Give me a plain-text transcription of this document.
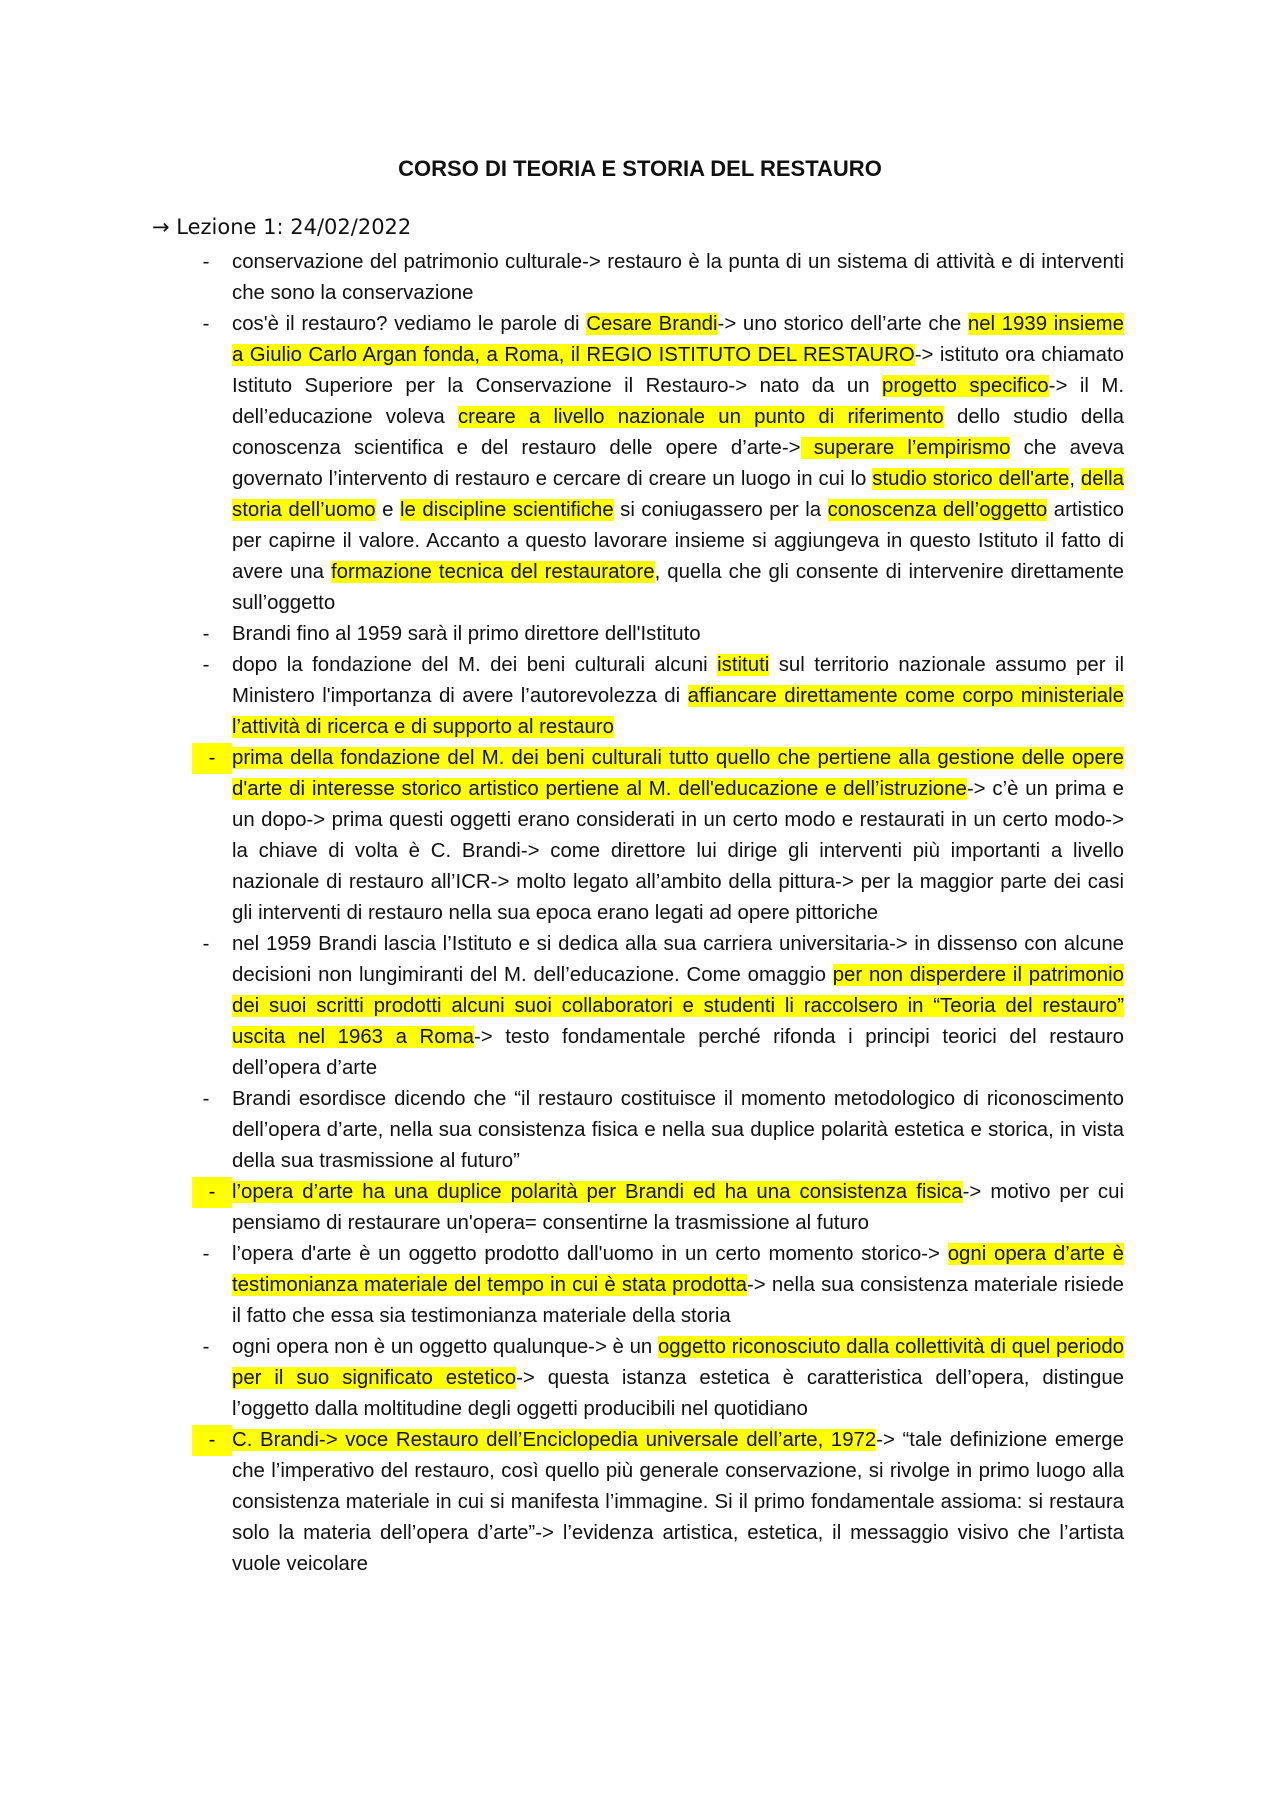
CORSO DI TEORIA E STORIA DEL RESTAURO
→ Lezione 1: 24/02/2022
-	conservazione del patrimonio culturale-> restauro è la punta di un sistema di attività e di interventi che sono la conservazione
-	cos'è il restauro? vediamo le parole di Cesare Brandi-> uno storico dell’arte che nel 1939 insieme a Giulio Carlo Argan fonda, a Roma, il REGIO ISTITUTO DEL RESTAURO-> istituto ora chiamato Istituto Superiore per la Conservazione il Restauro-> nato da un progetto specifico-> il M. dell’educazione voleva creare a livello nazionale un punto di riferimento dello studio della conoscenza scientifica e del restauro delle opere d’arte-> superare l’empirismo che aveva governato l’intervento di restauro e cercare di creare un luogo in cui lo studio storico dell'arte, della storia dell’uomo e le discipline scientifiche si coniugassero per la conoscenza dell’oggetto artistico per capirne il valore. Accanto a questo lavorare insieme si aggiungeva in questo Istituto il fatto di avere una formazione tecnica del restauratore, quella che gli consente di intervenire direttamente sull’oggetto
-	Brandi fino al 1959 sarà il primo direttore dell'Istituto
-	dopo la fondazione del M. dei beni culturali alcuni istituti sul territorio nazionale assumo per il Ministero l'importanza di avere l’autorevolezza di affiancare direttamente come corpo ministeriale l’attività di ricerca e di supporto al restauro
- prima della fondazione del M. dei beni culturali tutto quello che pertiene alla gestione delle opere d'arte di interesse storico artistico pertiene al M. dell'educazione e dell’istruzione-> c’è un prima e un dopo-> prima questi oggetti erano considerati in un certo modo e restaurati in un certo modo-> la chiave di volta è C. Brandi-> come direttore lui dirige gli interventi più importanti a livello nazionale di restauro all’ICR-> molto legato all’ambito della pittura-> per la maggior parte dei casi gli interventi di restauro nella sua epoca erano legati ad opere pittoriche
-	nel 1959 Brandi lascia l’Istituto e si dedica alla sua carriera universitaria-> in dissenso con alcune decisioni non lungimiranti del M. dell’educazione. Come omaggio per non disperdere il patrimonio dei suoi scritti prodotti alcuni suoi collaboratori e studenti li raccolsero in “Teoria del restauro” uscita nel 1963 a Roma-> testo fondamentale perché rifonda i principi teorici del restauro dell’opera d’arte
-	Brandi esordisce dicendo che “il restauro costituisce il momento metodologico di riconoscimento dell’opera d’arte, nella sua consistenza fisica e nella sua duplice polarità estetica e storica, in vista della sua trasmissione al futuro”
- l’opera d’arte ha una duplice polarità per Brandi ed ha una consistenza fisica-> motivo per cui pensiamo di restaurare un'opera= consentirne la trasmissione al futuro
-	l’opera d'arte è un oggetto prodotto dall'uomo in un certo momento storico-> ogni opera d’arte è testimonianza materiale del tempo in cui è stata prodotta-> nella sua consistenza materiale risiede il fatto che essa sia testimonianza materiale della storia
-	ogni opera non è un oggetto qualunque-> è un oggetto riconosciuto dalla collettività di quel periodo per il suo significato estetico-> questa istanza estetica è caratteristica dell’opera, distingue l’oggetto dalla moltitudine degli oggetti producibili nel quotidiano
- C. Brandi-> voce Restauro dell’Enciclopedia universale dell’arte, 1972-> “tale definizione emerge che l’imperativo del restauro, così quello più generale conservazione, si rivolge in primo luogo alla consistenza materiale in cui si manifesta l’immagine. Si il primo fondamentale assioma: si restaura solo la materia dell’opera d’arte”-> l’evidenza artistica, estetica, il messaggio visivo che l’artista vuole veicolare
